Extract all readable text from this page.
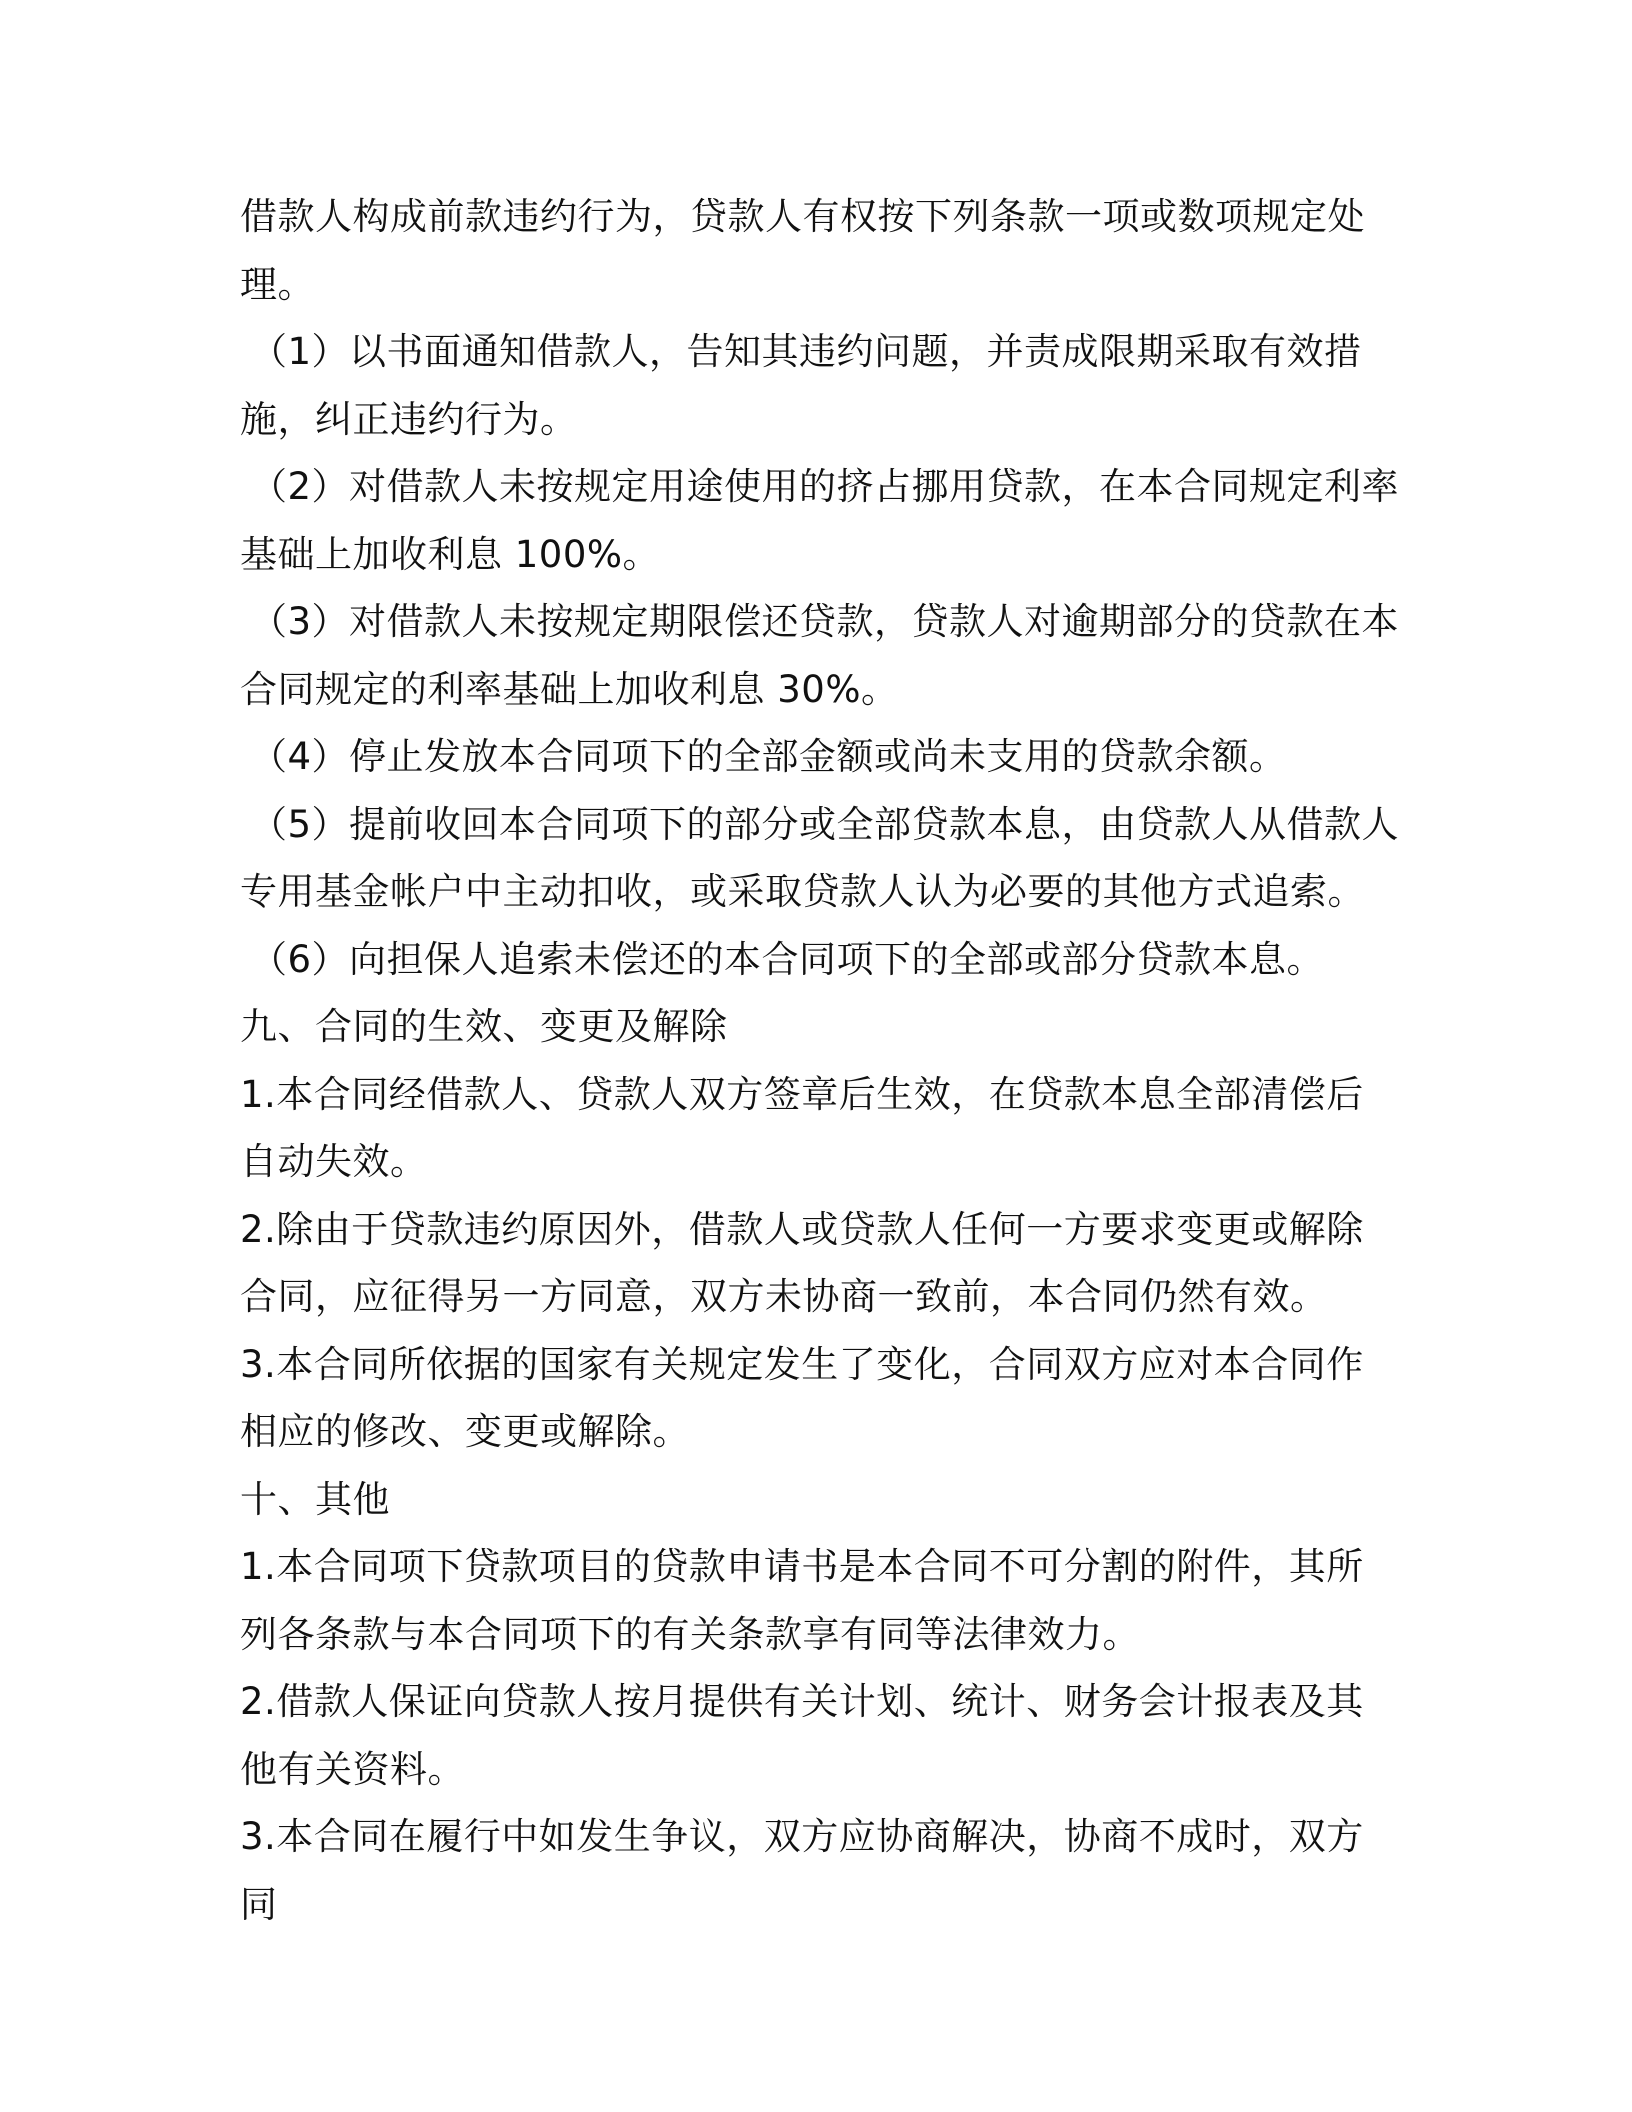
借款人构成前款违约行为，贷款人有权按下列条款一项或数项规定处理。

（1）以书面通知借款人，告知其违约问题，并责成限期采取有效措施，纠正违约行为。

（2）对借款人未按规定用途使用的挤占挪用贷款，在本合同规定利率基础上加收利息 100%。

（3）对借款人未按规定期限偿还贷款，贷款人对逾期部分的贷款在本合同规定的利率基础上加收利息 30%。

（4）停止发放本合同项下的全部金额或尚未支用的贷款余额。

（5）提前收回本合同项下的部分或全部贷款本息，由贷款人从借款人专用基金帐户中主动扣收，或采取贷款人认为必要的其他方式追索。

（6）向担保人追索未偿还的本合同项下的全部或部分贷款本息。

九、合同的生效、变更及解除

1.本合同经借款人、贷款人双方签章后生效，在贷款本息全部清偿后自动失效。

2.除由于贷款违约原因外，借款人或贷款人任何一方要求变更或解除合同，应征得另一方同意，双方未协商一致前，本合同仍然有效。

3.本合同所依据的国家有关规定发生了变化，合同双方应对本合同作相应的修改、变更或解除。

十、其他

1.本合同项下贷款项目的贷款申请书是本合同不可分割的附件，其所列各条款与本合同项下的有关条款享有同等法律效力。

2.借款人保证向贷款人按月提供有关计划、统计、财务会计报表及其他有关资料。

3.本合同在履行中如发生争议，双方应协商解决，协商不成时，双方同
